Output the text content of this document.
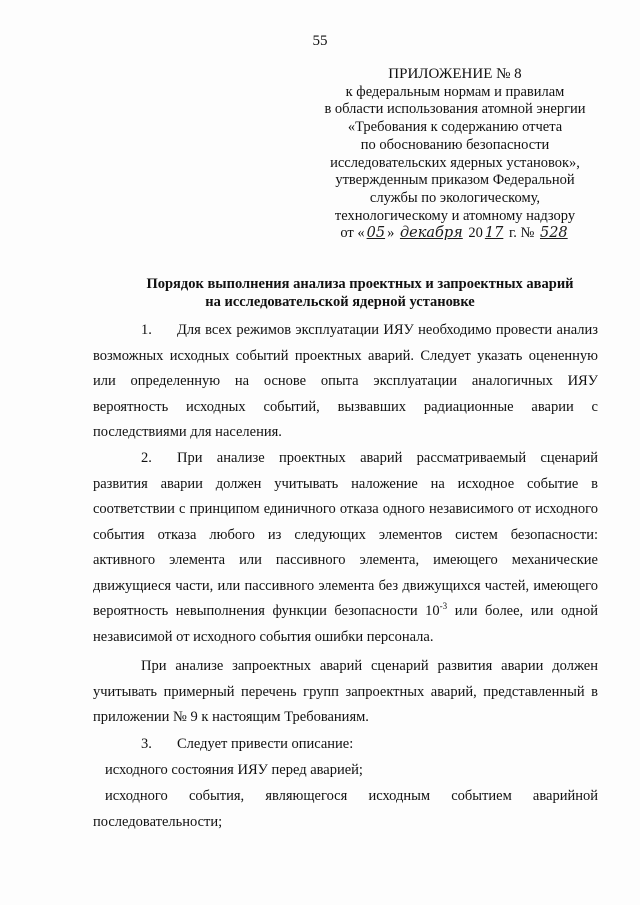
55
ПРИЛОЖЕНИЕ № 8
к федеральным нормам и правилам
в области использования атомной энергии
«Требования к содержанию отчета
по обоснованию безопасности
исследовательских ядерных установок»,
утвержденным приказом Федеральной
службы по экологическому,
технологическому и атомному надзору
от « 05 » декабря 20 17 г. № 528
Порядок выполнения анализа проектных и запроектных аварий
на исследовательской ядерной установке

1. Для всех режимов эксплуатации ИЯУ необходимо провести анализ возможных исходных событий проектных аварий. Следует указать оцененную или определенную на основе опыта эксплуатации аналогичных ИЯУ вероятность исходных событий, вызвавших радиационные аварии с последствиями для населения.

2. При анализе проектных аварий рассматриваемый сценарий развития аварии должен учитывать наложение на исходное событие в соответствии с принципом единичного отказа одного независимого от исходного события отказа любого из следующих элементов систем безопасности: активного элемента или пассивного элемента, имеющего механические движущиеся части, или пассивного элемента без движущихся частей, имеющего вероятность невыполнения функции безопасности $10^{-3}$ или более, или одной независимой от исходного события ошибки персонала.

При анализе запроектных аварий сценарий развития аварии должен учитывать примерный перечень групп запроектных аварий, представленный в приложении № 9 к настоящим Требованиям.

3. Следует привести описание:

исходного состояния ИЯУ перед аварией;

исходного события, являющегося исходным событием аварийной последовательности;
